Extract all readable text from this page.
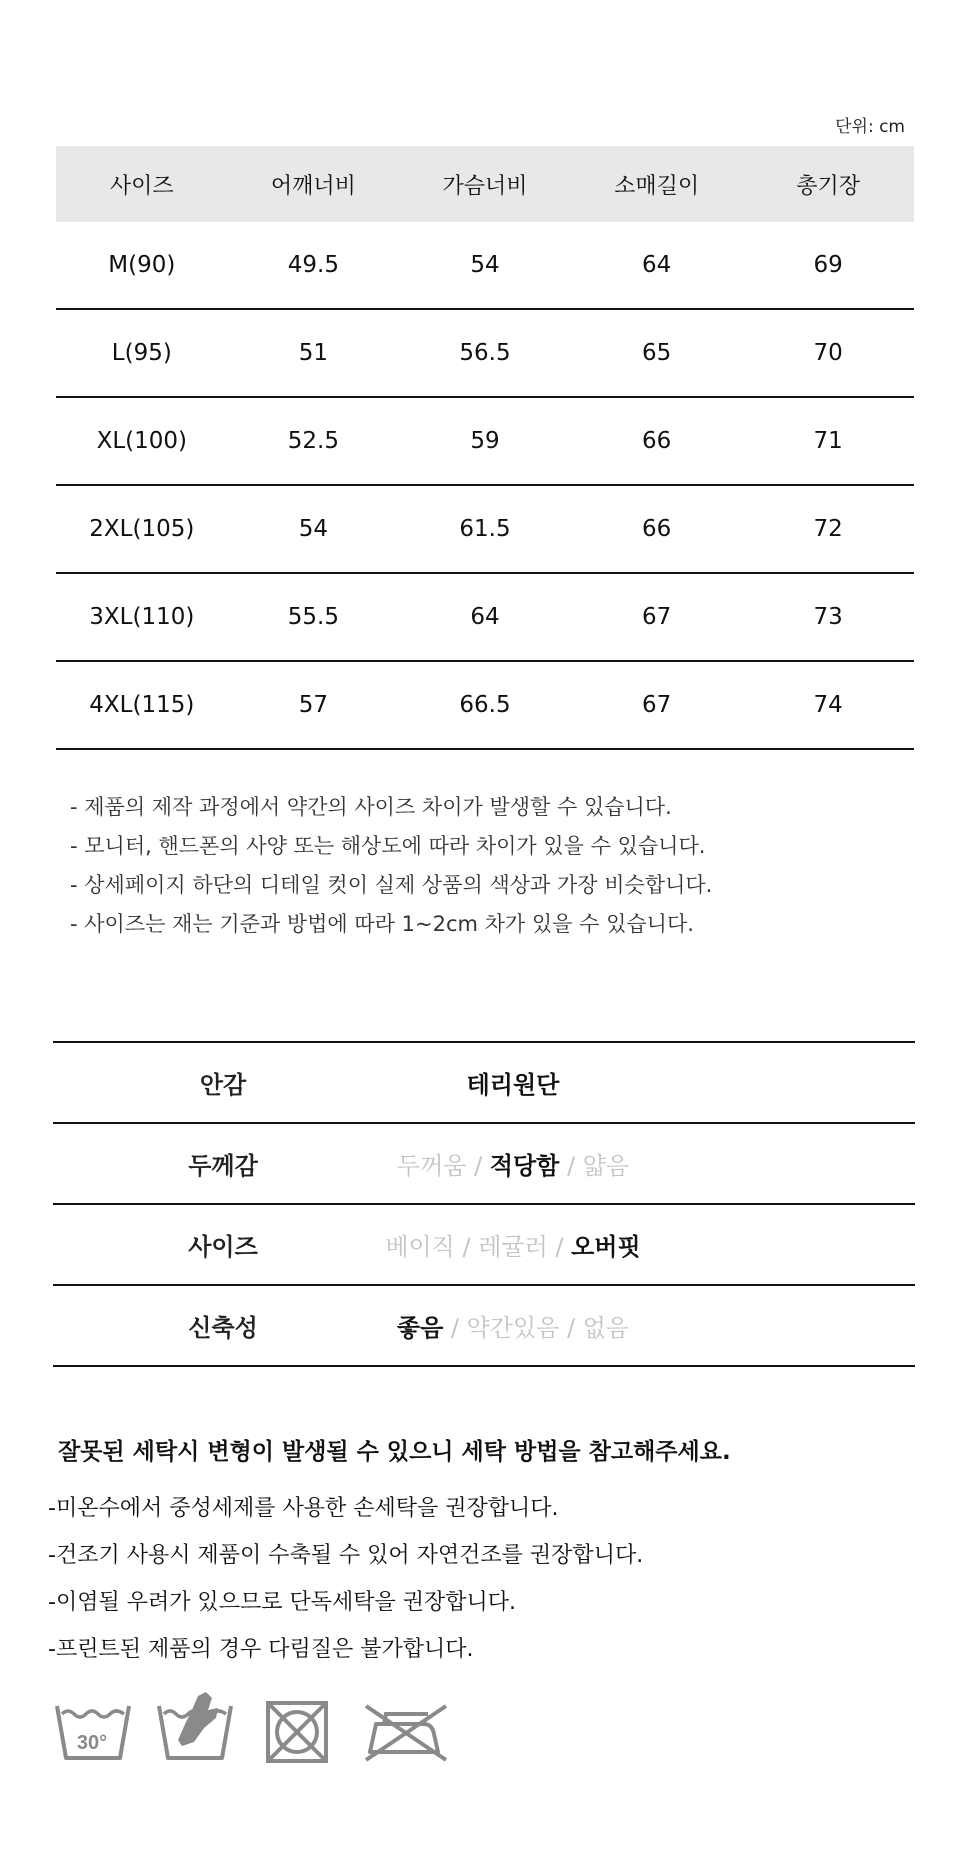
단위: cm
사이즈	어깨너비	가슴너비	소매길이	총기장
M(90)	49.5	54	64	69
L(95)	51	56.5	65	70
XL(100)	52.5	59	66	71
2XL(105)	54	61.5	66	72
3XL(110)	55.5	64	67	73
4XL(115)	57	66.5	67	74
- 제품의 제작 과정에서 약간의 사이즈 차이가 발생할 수 있습니다.
- 모니터, 핸드폰의 사양 또는 해상도에 따라 차이가 있을 수 있습니다.
- 상세페이지 하단의 디테일 컷이 실제 상품의 색상과 가장 비슷합니다.
- 사이즈는 재는 기준과 방법에 따라 1~2cm 차가 있을 수 있습니다.
안감	테리원단
두께감	두꺼움 / 적당함 / 얇음
사이즈	베이직 / 레귤러 / 오버핏
신축성	좋음 / 약간있음 / 없음
잘못된 세탁시 변형이 발생될 수 있으니 세탁 방법을 참고해주세요.
-미온수에서 중성세제를 사용한 손세탁을 권장합니다.
-건조기 사용시 제품이 수축될 수 있어 자연건조를 권장합니다.
-이염될 우려가 있으므로 단독세탁을 권장합니다.
-프린트된 제품의 경우 다림질은 불가합니다.
30°
